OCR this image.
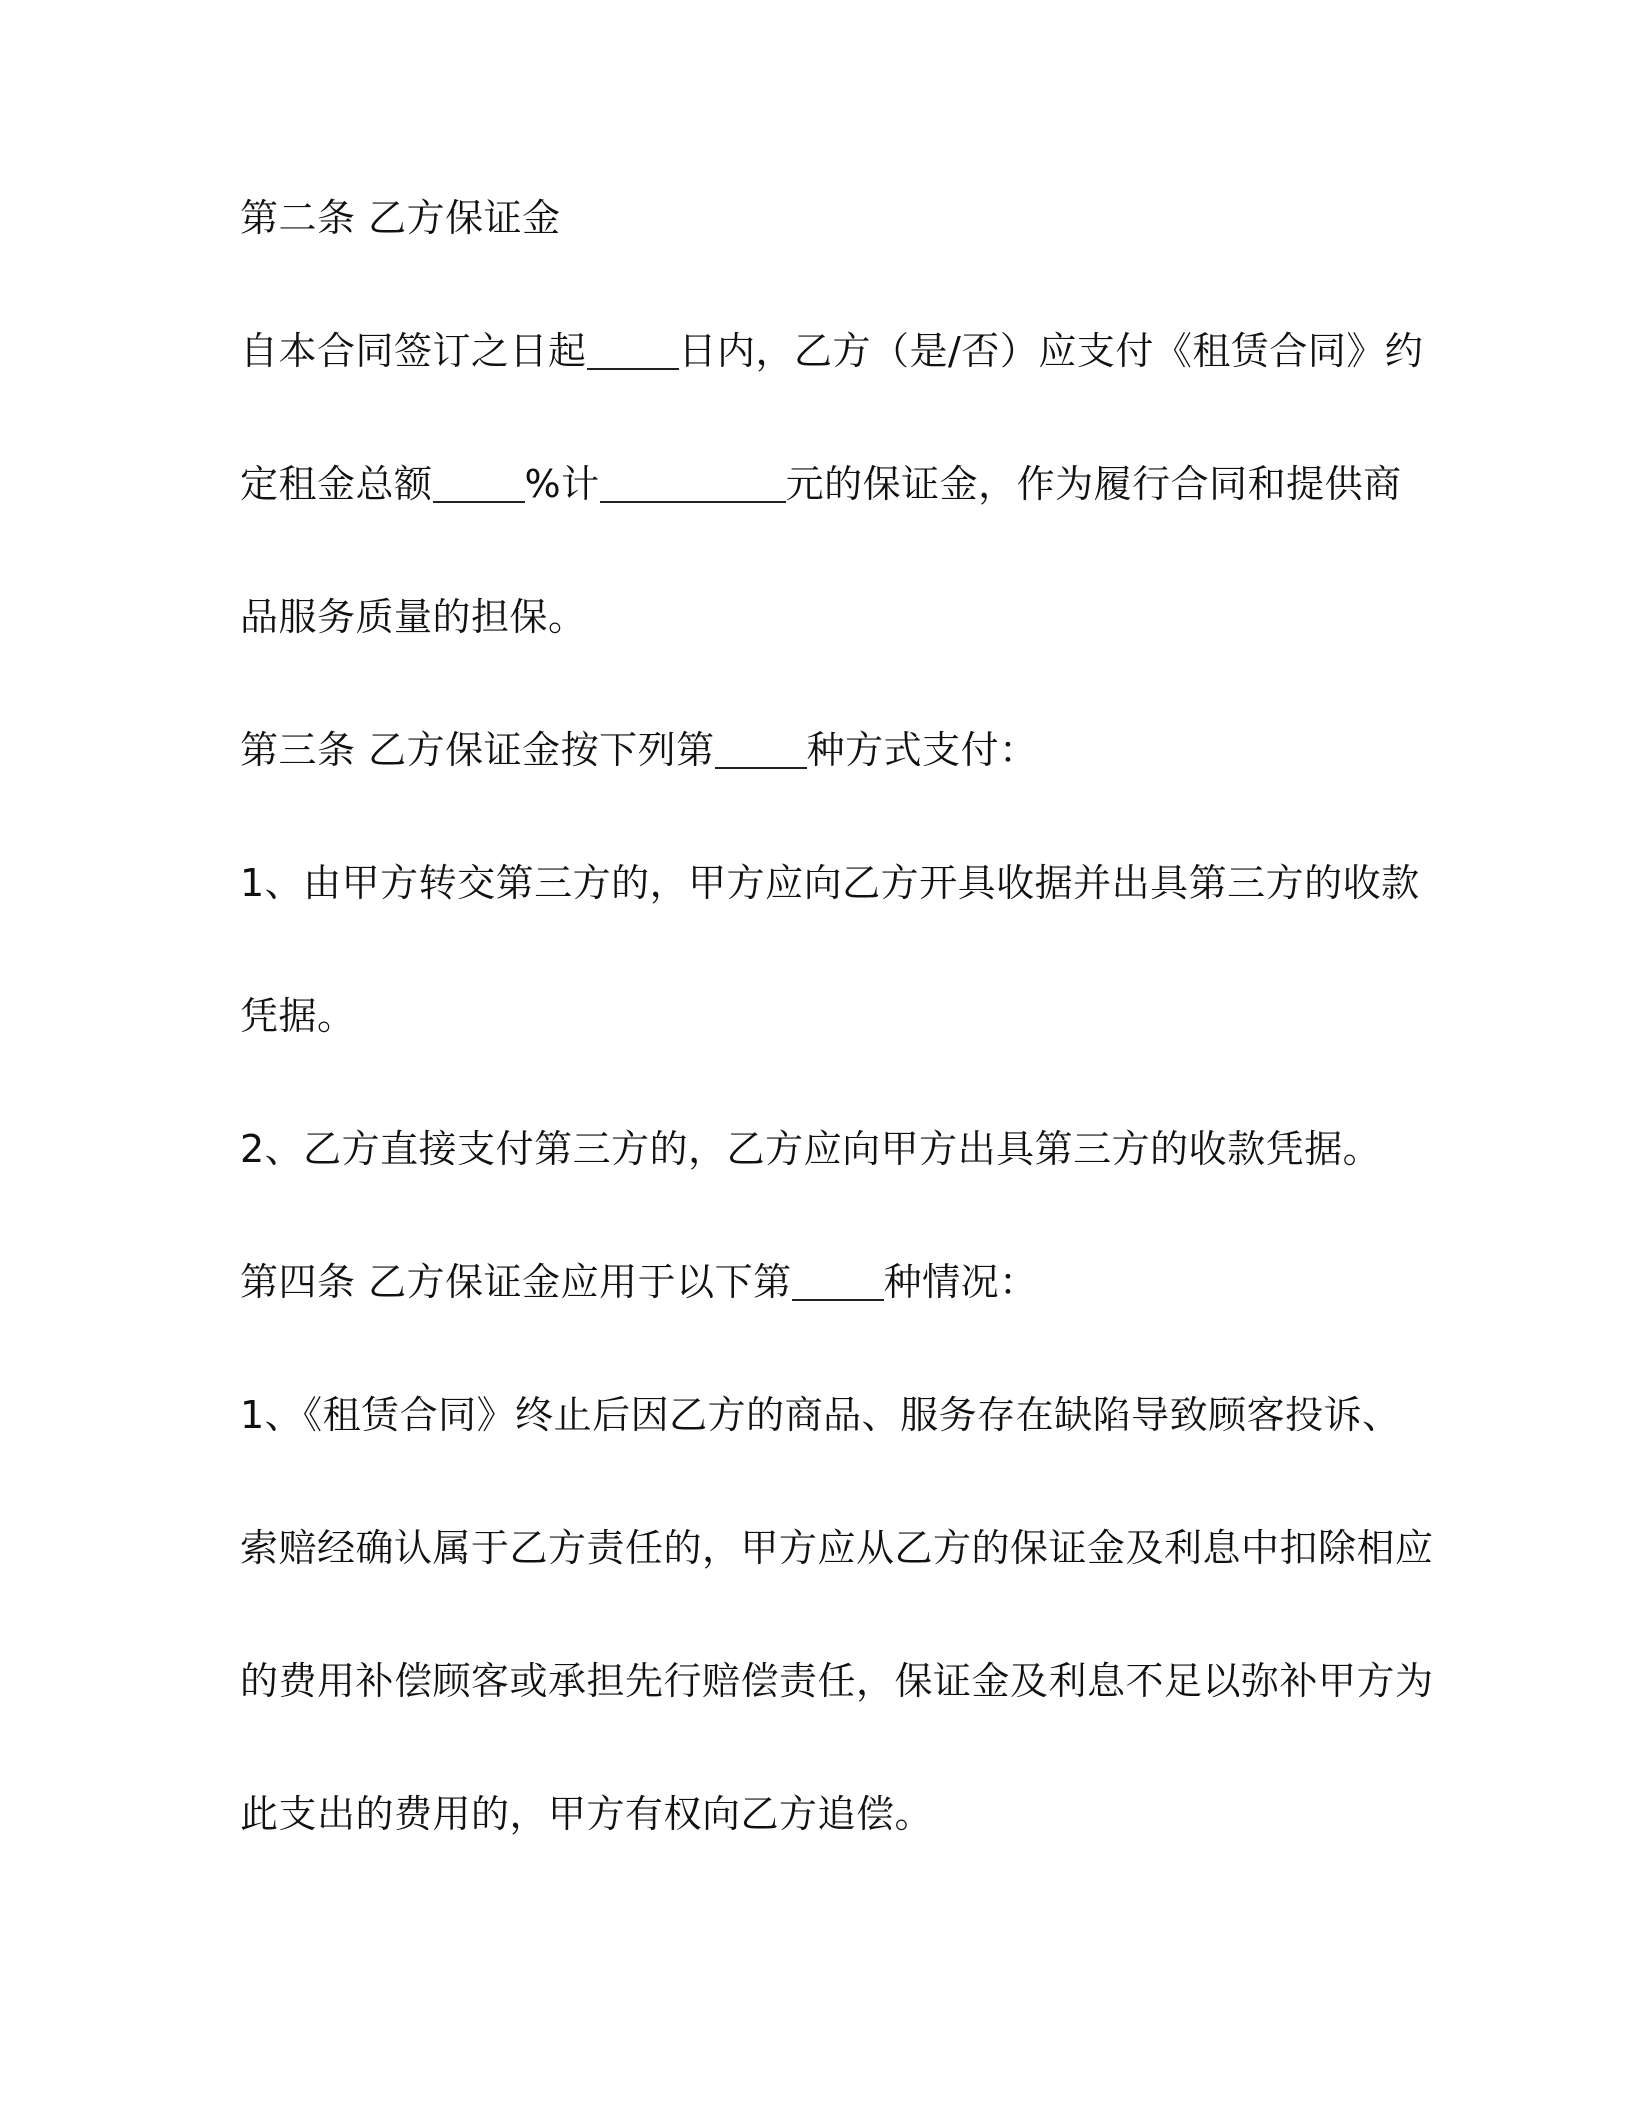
第二条 乙方保证金
自本合同签订之日起 日内，乙方（是/否）应支付《租赁合同》约
定租金总额 %计	元的保证金，作为履行合同和提供商
品服务质量的担保。
第三条 乙方保证金按下列第 种方式支付：
1、由甲方转交第三方的，甲方应向乙方开具收据并出具第三方的收款
凭据。
2、乙方直接支付第三方的，乙方应向甲方出具第三方的收款凭据。
第四条 乙方保证金应用于以下第 种情况：
1、《租赁合同》终止后因乙方的商品、服务存在缺陷导致顾客投诉、
索赔经确认属于乙方责任的，甲方应从乙方的保证金及利息中扣除相应
的费用补偿顾客或承担先行赔偿责任，保证金及利息不足以弥补甲方为
此支出的费用的，甲方有权向乙方追偿。
